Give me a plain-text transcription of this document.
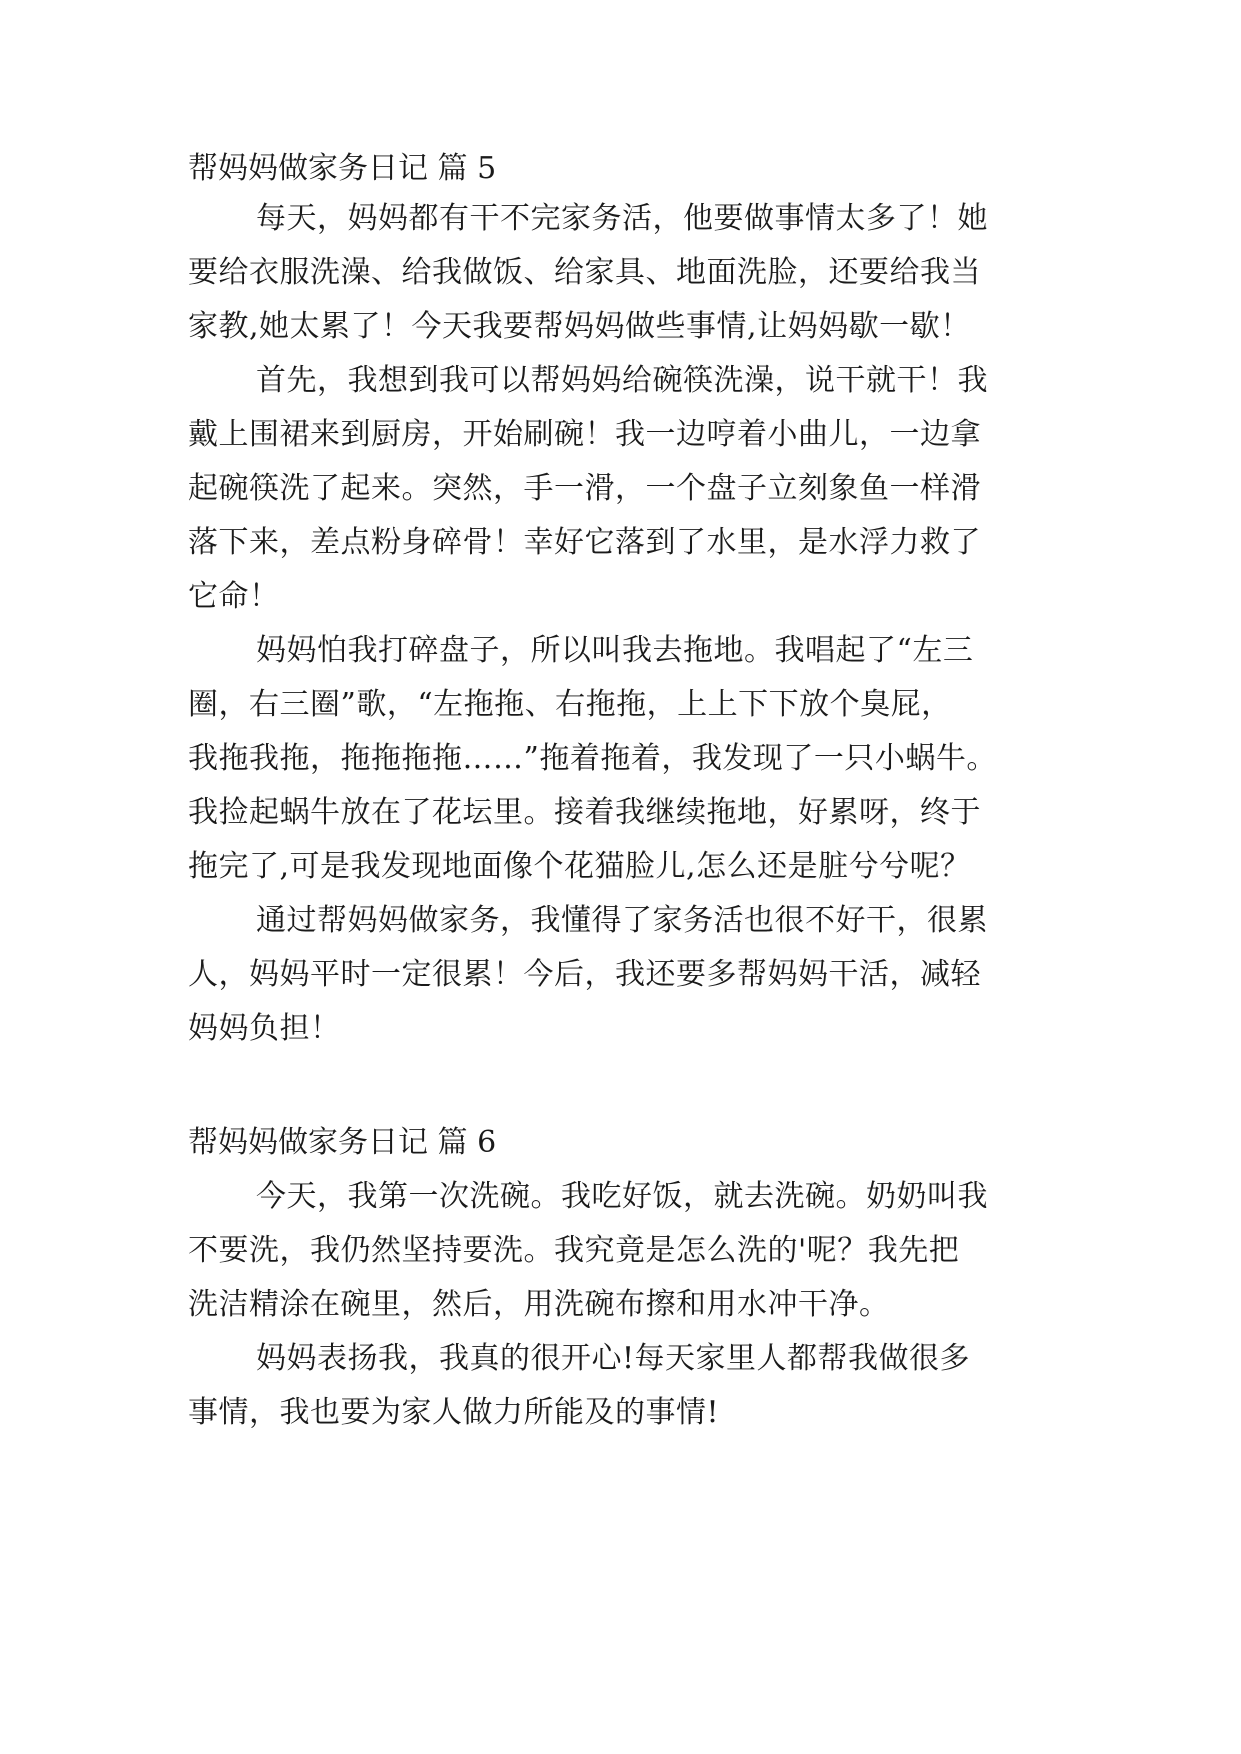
帮妈妈做家务日记 篇 5
每天，妈妈都有干不完家务活，他要做事情太多了！她
要给衣服洗澡、给我做饭、给家具、地面洗脸，还要给我当
家教,她太累了！今天我要帮妈妈做些事情,让妈妈歇一歇！
首先，我想到我可以帮妈妈给碗筷洗澡，说干就干！我
戴上围裙来到厨房，开始刷碗！我一边哼着小曲儿，一边拿
起碗筷洗了起来。突然，手一滑，一个盘子立刻象鱼一样滑
落下来，差点粉身碎骨！幸好它落到了水里，是水浮力救了
它命！
妈妈怕我打碎盘子，所以叫我去拖地。我唱起了“左三
圈，右三圈”歌，“左拖拖、右拖拖，上上下下放个臭屁，
我拖我拖，拖拖拖拖……”拖着拖着，我发现了一只小蜗牛。
我捡起蜗牛放在了花坛里。接着我继续拖地，好累呀，终于
拖完了,可是我发现地面像个花猫脸儿,怎么还是脏兮兮呢？
通过帮妈妈做家务，我懂得了家务活也很不好干，很累
人，妈妈平时一定很累！今后，我还要多帮妈妈干活，减轻
妈妈负担！
帮妈妈做家务日记 篇 6
今天，我第一次洗碗。我吃好饭，就去洗碗。奶奶叫我
不要洗，我仍然坚持要洗。我究竟是怎么洗的'呢？我先把
洗洁精涂在碗里，然后，用洗碗布擦和用水冲干净。
妈妈表扬我，我真的很开心!每天家里人都帮我做很多
事情，我也要为家人做力所能及的事情!
